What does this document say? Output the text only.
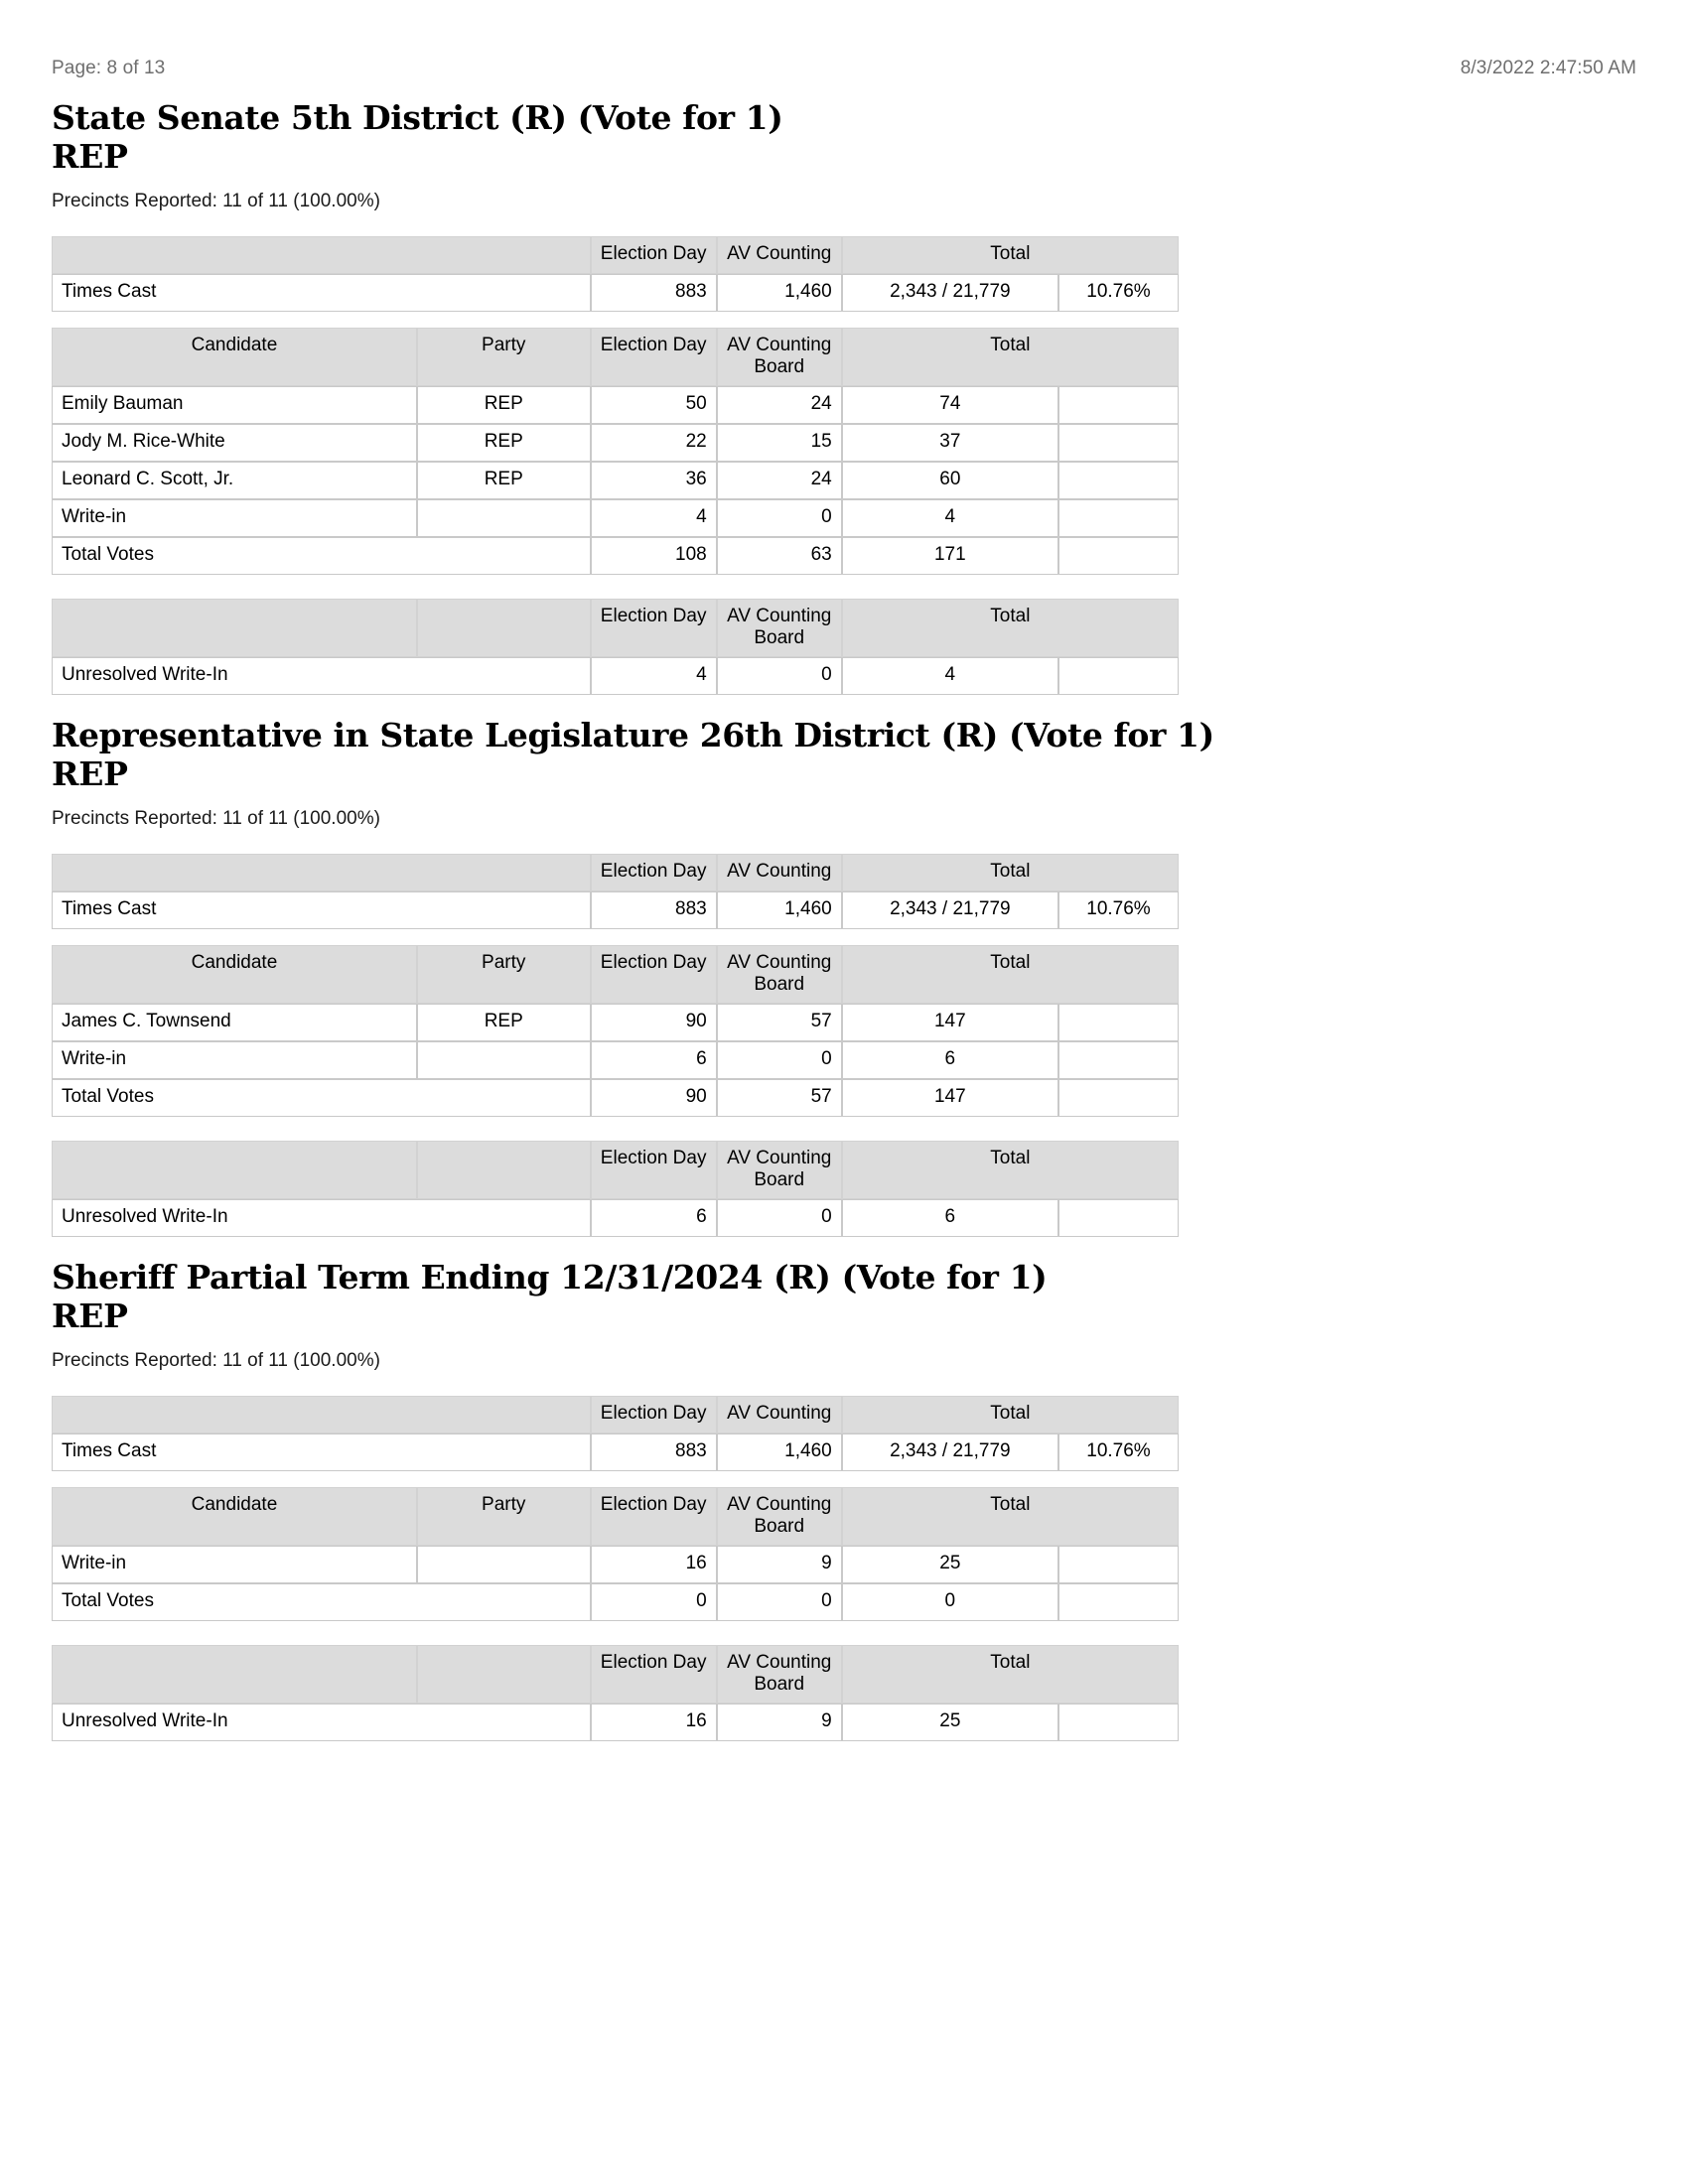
Page: 8 of 13	8/3/2022 2:47:50 AM
State Senate 5th District (R) (Vote for 1)
REP

Precincts Reported: 11 of 11 (100.00%)

	Election Day	AV Counting	Total	
Times Cast	883	1,460	2,343 / 21,779	10.76%
Candidate	Party	Election Day	AV Counting Board	Total	
Emily Bauman	REP	50	24	74	
Jody M. Rice-White	REP	22	15	37	
Leonard C. Scott, Jr.	REP	36	24	60	
Write-in		4	0	4	
Total Votes		108	63	171	
		Election Day	AV Counting Board	Total	
Unresolved Write-In		4	0	4	
Representative in State Legislature 26th District (R) (Vote for 1)
REP

Precincts Reported: 11 of 11 (100.00%)

	Election Day	AV Counting	Total	
Times Cast	883	1,460	2,343 / 21,779	10.76%
Candidate	Party	Election Day	AV Counting Board	Total	
James C. Townsend	REP	90	57	147	
Write-in		6	0	6	
Total Votes		90	57	147	
		Election Day	AV Counting Board	Total	
Unresolved Write-In		6	0	6	
Sheriff Partial Term Ending 12/31/2024 (R) (Vote for 1)
REP

Precincts Reported: 11 of 11 (100.00%)

	Election Day	AV Counting	Total	
Times Cast	883	1,460	2,343 / 21,779	10.76%
Candidate	Party	Election Day	AV Counting Board	Total	
Write-in		16	9	25	
Total Votes		0	0	0	
		Election Day	AV Counting Board	Total	
Unresolved Write-In		16	9	25	
